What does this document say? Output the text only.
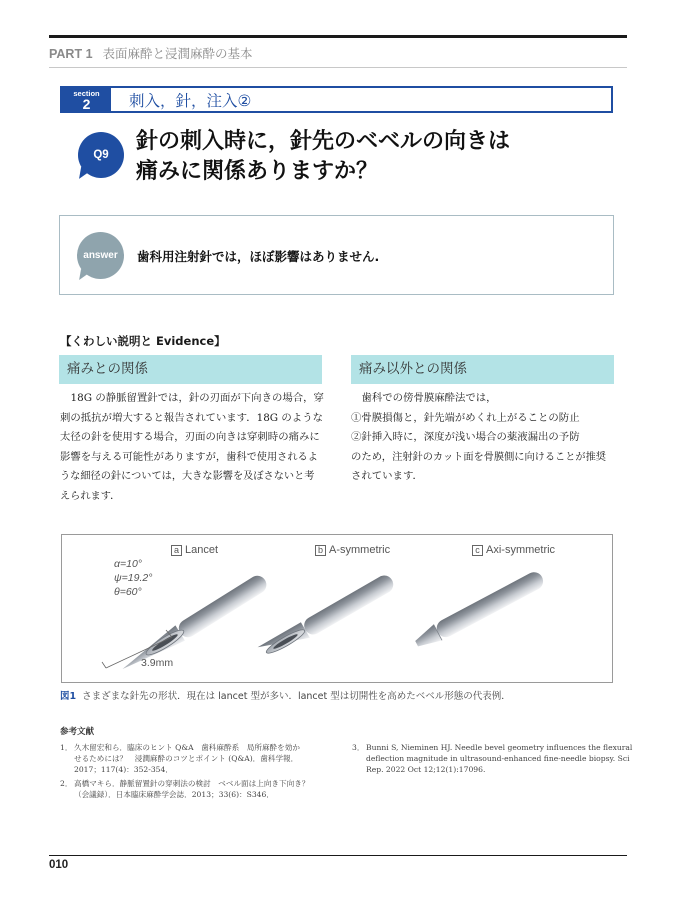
PART 1 表面麻酔と浸潤麻酔の基本
section
2	刺入，針，注入②
Q9
針の刺入時に，針先のベベルの向きは
痛みに関係ありますか？
answer	歯科用注射針では，ほぼ影響はありません.
【くわしい説明と Evidence】
痛みとの関係	痛み以外との関係

18G の静脈留置針では，針の刃面が下向きの場合，穿

刺の抵抗が増大すると報告されています．18G のような

太径の針を使用する場合，刃面の向きは穿刺時の痛みに

影響を与える可能性がありますが，歯科で使用されるよ

うな細径の針については，大きな影響を及ぼさないと考

えられます．

歯科での傍骨膜麻酔法では，

①骨膜損傷と，針先端がめくれ上がることの防止

②針挿入時に，深度が浅い場合の薬液漏出の予防

のため，注射針のカット面を骨膜側に向けることが推奨

されています．

a Lancet	b A-symmetric	c Axi-symmetric
α=10°
ψ=19.2°
θ=60°
3.9mm
図1 さまざまな針先の形状．現在は lancet 型が多い．lancet 型は切開性を高めたベベル形態の代表例．
参考文献
1． 久木留宏和ら．臨床のヒント Q&A　歯科麻酔系　局所麻酔を効か
せるためには？　浸潤麻酔のコツとポイント (Q&A)．歯科学報．
2017；117(4)：352-354．
2． 高橋マキら．静脈留置針の穿刺法の検討　ベベル面は上向き下向き？
（会議録）．日本臨床麻酔学会誌．2013；33(6)：S346．
3． Bunni S, Nieminen HJ. Needle bevel geometry influences the flexural
deflection magnitude in ultrasound-enhanced fine-needle biopsy. Sci
Rep. 2022 Oct 12;12(1):17096.
010
